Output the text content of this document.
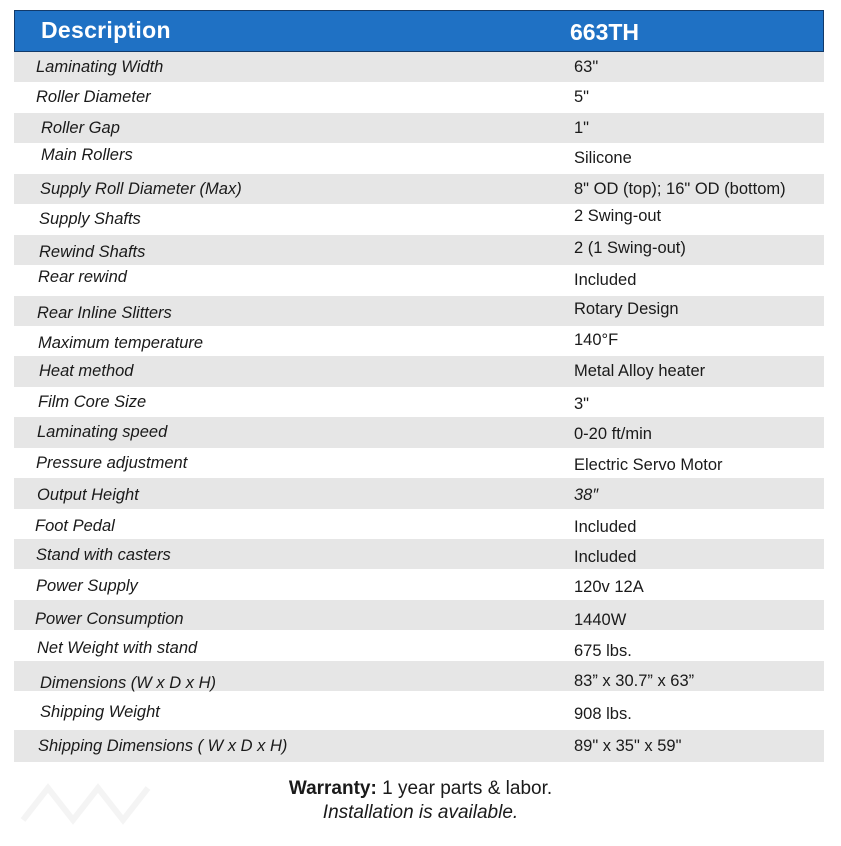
Description	663TH
Laminating Width	63"
Roller Diameter	5"
Roller Gap	1"
Main Rollers	Silicone
Supply Roll Diameter (Max)	8" OD (top); 16" OD (bottom)
Supply Shafts	2 Swing-out
Rewind Shafts	2 (1 Swing-out)
Rear rewind	Included
Rear Inline Slitters	Rotary Design
Maximum temperature	140°F
Heat method	Metal Alloy heater
Film Core Size	3"
Laminating speed	0-20 ft/min
Pressure adjustment	Electric Servo Motor
Output Height	38″
Foot Pedal	Included
Stand with casters	Included
Power Supply	120v 12A
Power Consumption	1440W
Net Weight with stand	675 lbs.
Dimensions (W x D x H)	83” x 30.7” x 63”
Shipping Weight	908 lbs.
Shipping Dimensions ( W x D x H)	89" x 35" x 59"
Warranty: 1 year parts & labor.
Installation is available.
